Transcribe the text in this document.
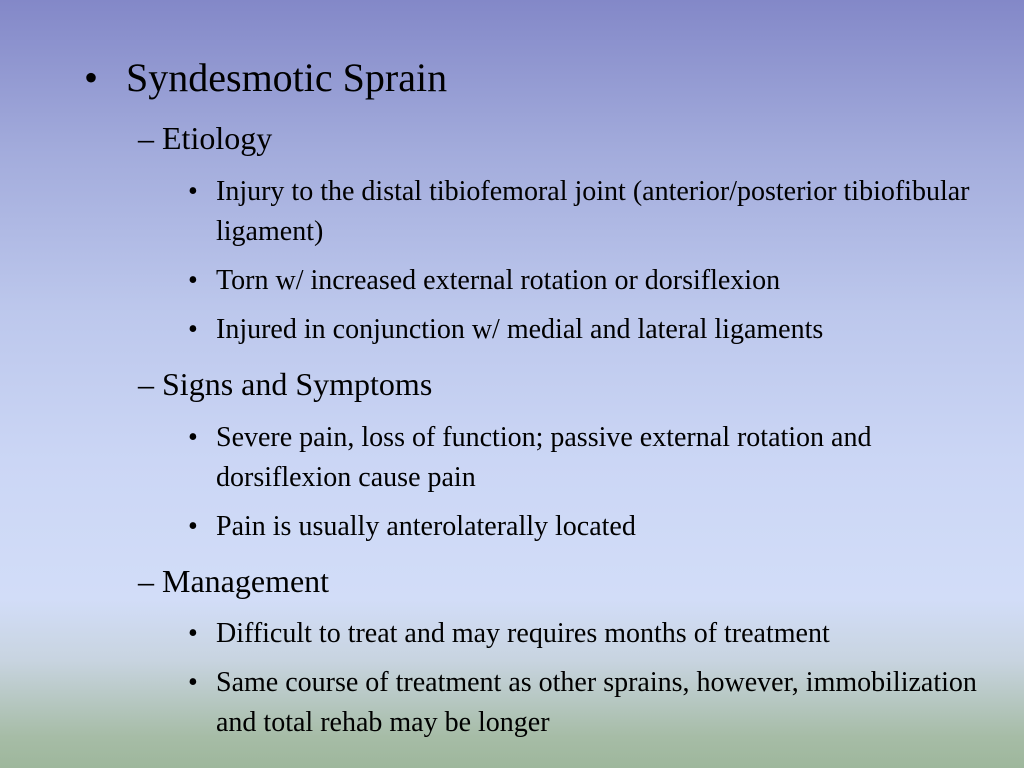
• Syndesmotic Sprain
– Etiology
• Injury to the distal tibiofemoral joint (anterior/posterior tibiofibular ligament)
• Torn w/ increased external rotation or dorsiflexion
• Injured in conjunction w/ medial and lateral ligaments
– Signs and Symptoms
• Severe pain, loss of function; passive external rotation and dorsiflexion cause pain
• Pain is usually anterolaterally located
– Management
• Difficult to treat and may requires months of treatment
• Same course of treatment as other sprains, however, immobilization and total rehab may be longer
